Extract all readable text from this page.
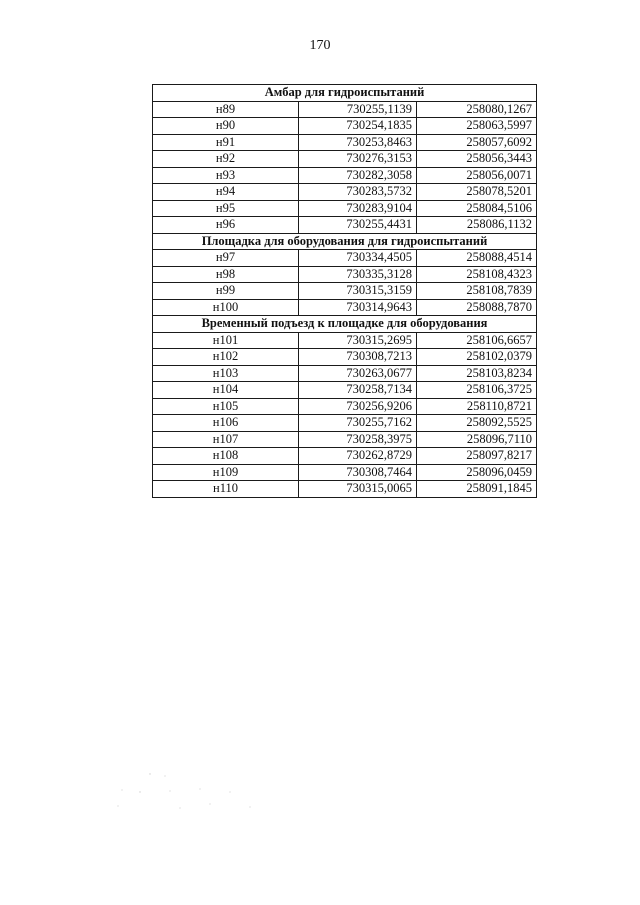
170
Амбар для гидроиспытаний		
н89	730255,1139	258080,1267
н90	730254,1835	258063,5997
н91	730253,8463	258057,6092
н92	730276,3153	258056,3443
н93	730282,3058	258056,0071
н94	730283,5732	258078,5201
н95	730283,9104	258084,5106
н96	730255,4431	258086,1132
Площадка для оборудования для гидроиспытаний		
н97	730334,4505	258088,4514
н98	730335,3128	258108,4323
н99	730315,3159	258108,7839
н100	730314,9643	258088,7870
Временный подъезд к площадке для оборудования		
н101	730315,2695	258106,6657
н102	730308,7213	258102,0379
н103	730263,0677	258103,8234
н104	730258,7134	258106,3725
н105	730256,9206	258110,8721
н106	730255,7162	258092,5525
н107	730258,3975	258096,7110
н108	730262,8729	258097,8217
н109	730308,7464	258096,0459
н110	730315,0065	258091,1845
